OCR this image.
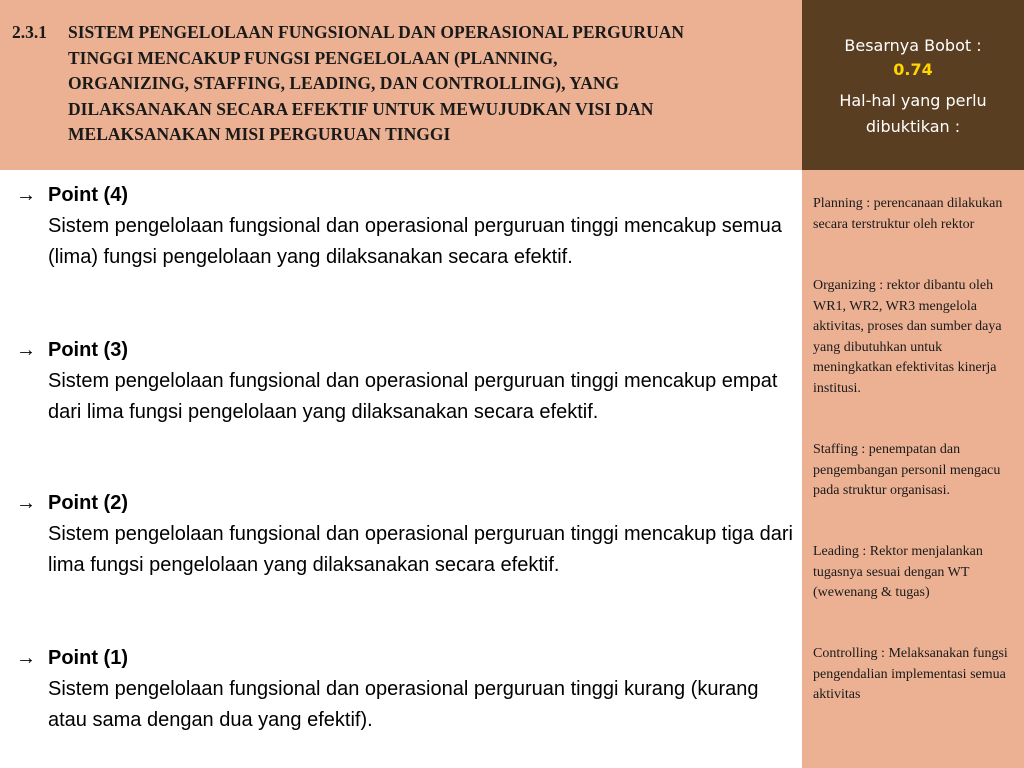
2.3.1 SISTEM PENGELOLAAN FUNGSIONAL DAN OPERASIONAL PERGURUAN
TINGGI MENCAKUP FUNGSI PENGELOLAAN (PLANNING,
ORGANIZING, STAFFING, LEADING, DAN CONTROLLING), YANG
DILAKSANAKAN SECARA EFEKTIF UNTUK MEWUJUDKAN VISI DAN
MELAKSANAKAN MISI PERGURUAN TINGGI
Besarnya Bobot :
0.74
Hal-hal yang perlu dibuktikan :
→ Point (4)
Sistem pengelolaan fungsional dan operasional perguruan tinggi mencakup semua (lima) fungsi pengelolaan yang dilaksanakan secara efektif.
→ Point (3)
Sistem pengelolaan fungsional dan operasional perguruan tinggi mencakup empat dari lima fungsi pengelolaan yang dilaksanakan secara efektif.
→ Point (2)
Sistem pengelolaan fungsional dan operasional perguruan tinggi mencakup tiga dari lima fungsi pengelolaan yang dilaksanakan secara efektif.
→ Point (1)
Sistem pengelolaan fungsional dan operasional perguruan tinggi kurang (kurang atau sama dengan dua yang efektif).
Planning : perencanaan dilakukan secara terstruktur oleh rektor
Organizing : rektor dibantu oleh WR1, WR2, WR3 mengelola aktivitas, proses dan sumber daya yang dibutuhkan untuk meningkatkan efektivitas kinerja institusi.
Staffing : penempatan dan pengembangan personil mengacu pada struktur organisasi.
Leading : Rektor menjalankan tugasnya sesuai dengan WT (wewenang & tugas)
Controlling : Melaksanakan fungsi pengendalian implementasi semua aktivitas
